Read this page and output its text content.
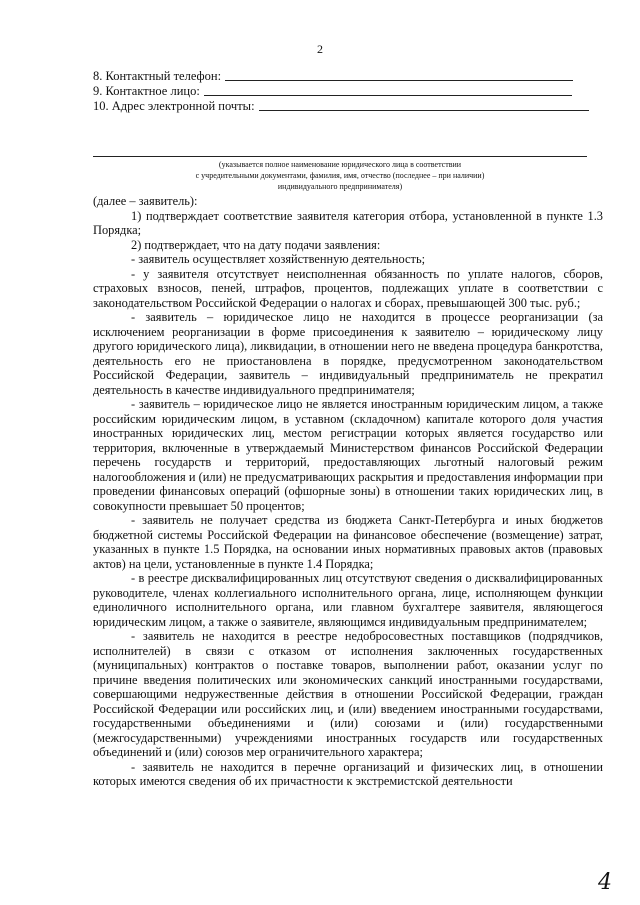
2
8. Контактный телефон:
9. Контактное лицо:
10. Адрес электронной почты:
(указывается полное наименование юридического лица в соответствии
с учредительными документами, фамилия, имя, отчество (последнее – при наличии)
индивидуального предпринимателя)

(далее – заявитель):

1) подтверждает соответствие заявителя категория отбора, установленной в пункте 1.3 Порядка;

2) подтверждает, что на дату подачи заявления:

- заявитель осуществляет хозяйственную деятельность;

- у заявителя отсутствует неисполненная обязанность по уплате налогов, сборов, страховых взносов, пеней, штрафов, процентов, подлежащих уплате в соответствии с законодательством Российской Федерации о налогах и сборах, превышающей 300 тыс. руб.;

- заявитель – юридическое лицо не находится в процессе реорганизации (за исключением реорганизации в форме присоединения к заявителю – юридическому лицу другого юридического лица), ликвидации, в отношении него не введена процедура банкротства, деятельность его не приостановлена в порядке, предусмотренном законодательством Российской Федерации, заявитель – индивидуальный предприниматель не прекратил деятельность в качестве индивидуального предпринимателя;

- заявитель – юридическое лицо не является иностранным юридическим лицом, а также российским юридическим лицом, в уставном (складочном) капитале которого доля участия иностранных юридических лиц, местом регистрации которых является государство или территория, включенные в утверждаемый Министерством финансов Российской Федерации перечень государств и территорий, предоставляющих льготный налоговый режим налогообложения и (или) не предусматривающих раскрытия и предоставления информации при проведении финансовых операций (офшорные зоны) в отношении таких юридических лиц, в совокупности превышает 50 процентов;

- заявитель не получает средства из бюджета Санкт-Петербурга и иных бюджетов бюджетной системы Российской Федерации на финансовое обеспечение (возмещение) затрат, указанных в пункте 1.5 Порядка, на основании иных нормативных правовых актов (правовых актов) на цели, установленные в пункте 1.4 Порядка;

- в реестре дисквалифицированных лиц отсутствуют сведения о дисквалифицированных руководителе, членах коллегиального исполнительного органа, лице, исполняющем функции единоличного исполнительного органа, или главном бухгалтере заявителя, являющегося юридическим лицом, а также о заявителе, являющимся индивидуальным предпринимателем;

- заявитель не находится в реестре недобросовестных поставщиков (подрядчиков, исполнителей) в связи с отказом от исполнения заключенных государственных (муниципальных) контрактов о поставке товаров, выполнении работ, оказании услуг по причине введения политических или экономических санкций иностранными государствами, совершающими недружественные действия в отношении Российской Федерации, граждан Российской Федерации или российских лиц, и (или) введением иностранными государствами, государственными объединениями и (или) союзами и (или) государственными (межгосударственными) учреждениями иностранных государств или государственных объединений и (или) союзов мер ограничительного характера;

- заявитель не находится в перечне организаций и физических лиц, в отношении которых имеются сведения об их причастности к экстремистской деятельности

4
